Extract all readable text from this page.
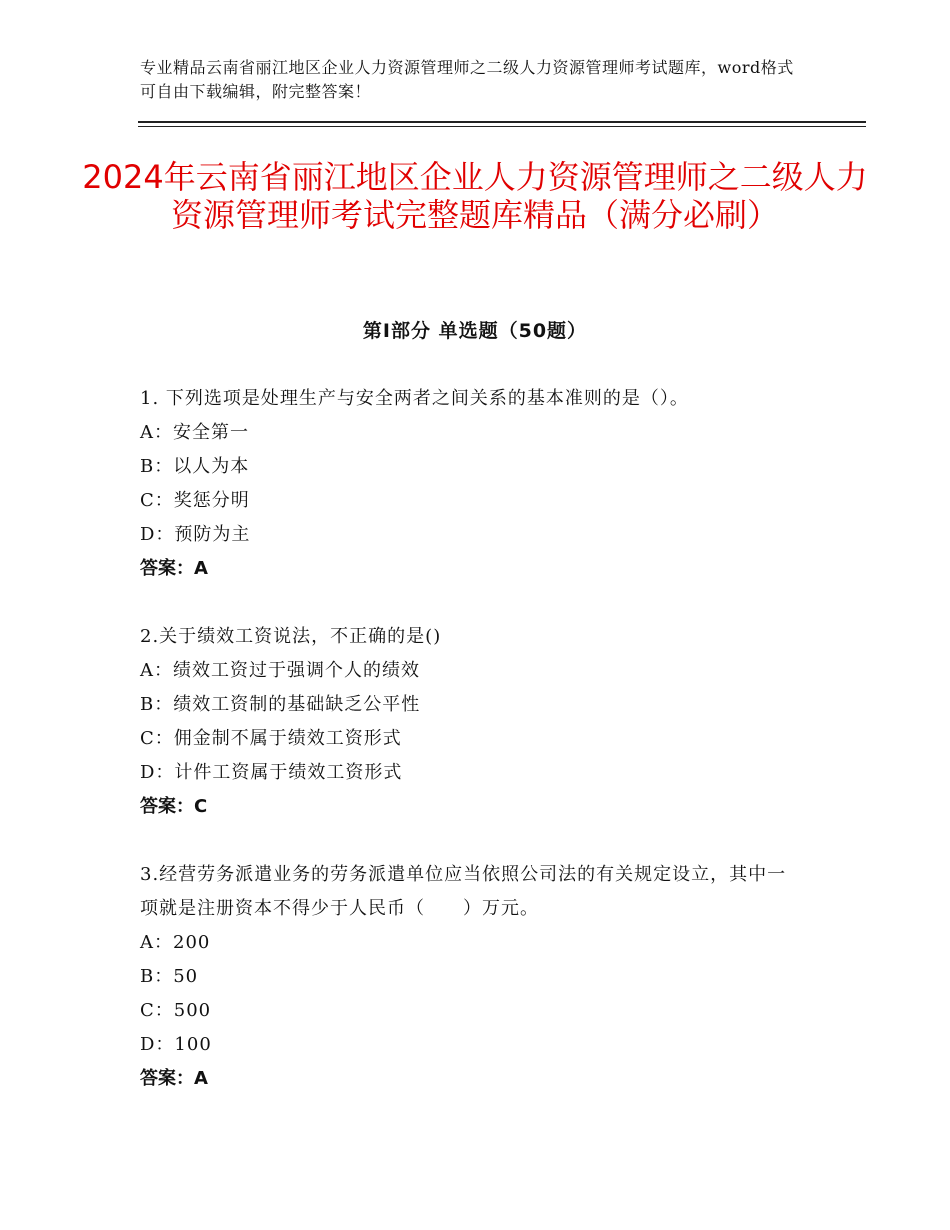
专业精品云南省丽江地区企业人力资源管理师之二级人力资源管理师考试题库，word格式可自由下载编辑，附完整答案！
2024年云南省丽江地区企业人力资源管理师之二级人力资源管理师考试完整题库精品（满分必刷）
第Ⅰ部分 单选题（50题）
1. 下列选项是处理生产与安全两者之间关系的基本准则的是（）。
A：安全第一
B：以人为本
C：奖惩分明
D：预防为主
答案：A
2.关于绩效工资说法，不正确的是()
A：绩效工资过于强调个人的绩效
B：绩效工资制的基础缺乏公平性
C：佣金制不属于绩效工资形式
D：计件工资属于绩效工资形式
答案：C
3.经营劳务派遣业务的劳务派遣单位应当依照公司法的有关规定设立，其中一项就是注册资本不得少于人民币（　　）万元。
A：200
B：50
C：500
D：100
答案：A
